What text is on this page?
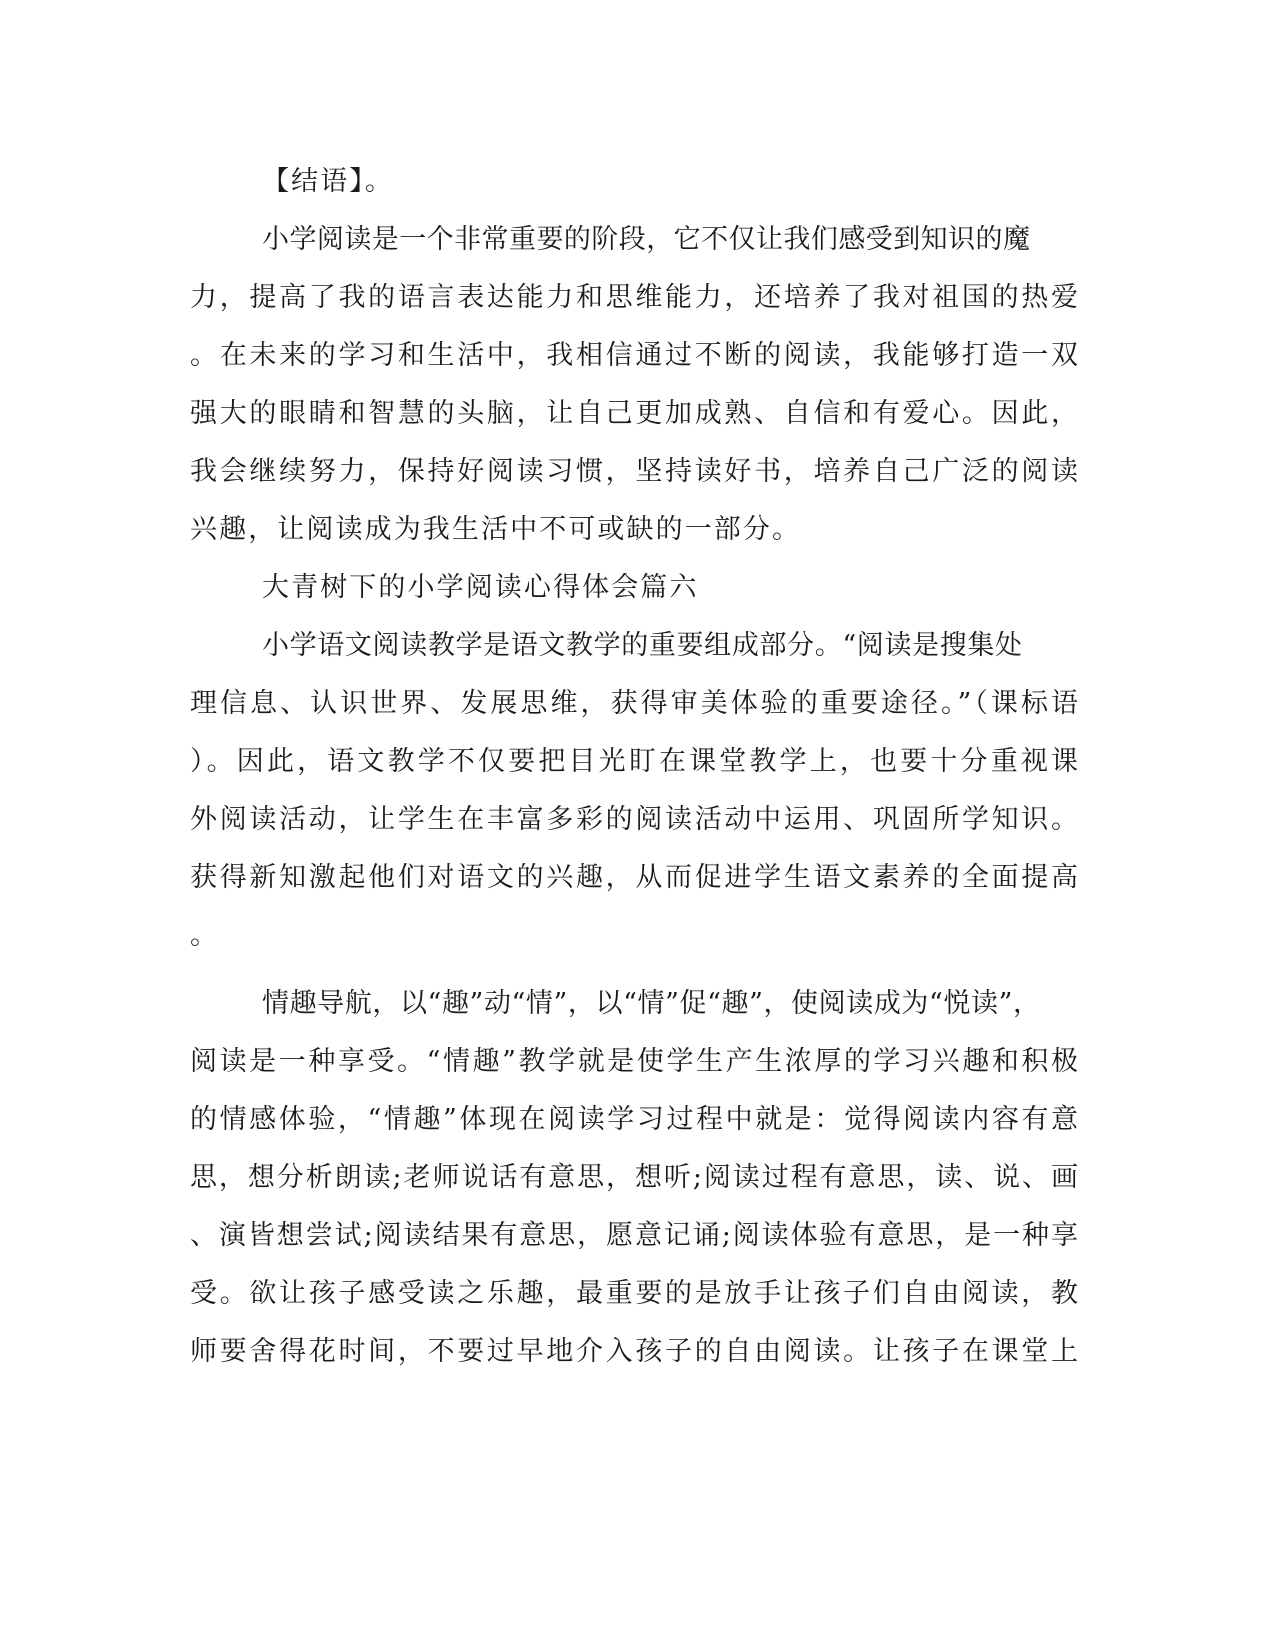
【结语】。
小学阅读是一个非常重要的阶段，它不仅让我们感受到知识的魔
力，提高了我的语言表达能力和思维能力，还培养了我对祖国的热爱
。在未来的学习和生活中，我相信通过不断的阅读，我能够打造一双
强大的眼睛和智慧的头脑，让自己更加成熟、自信和有爱心。因此，
我会继续努力，保持好阅读习惯，坚持读好书，培养自己广泛的阅读
兴趣，让阅读成为我生活中不可或缺的一部分。
大青树下的小学阅读心得体会篇六
小学语文阅读教学是语文教学的重要组成部分。“阅读是搜集处
理信息、认识世界、发展思维，获得审美体验的重要途径。”（课标语
）。因此，语文教学不仅要把目光盯在课堂教学上，也要十分重视课
外阅读活动，让学生在丰富多彩的阅读活动中运用、巩固所学知识。
获得新知激起他们对语文的兴趣，从而促进学生语文素养的全面提高
。
情趣导航，以“趣”动“情”，以“情”促“趣”，使阅读成为“悦读”，
阅读是一种享受。“情趣”教学就是使学生产生浓厚的学习兴趣和积极
的情感体验，“情趣”体现在阅读学习过程中就是：觉得阅读内容有意
思，想分析朗读;老师说话有意思，想听;阅读过程有意思，读、说、画
、演皆想尝试;阅读结果有意思，愿意记诵;阅读体验有意思，是一种享
受。欲让孩子感受读之乐趣，最重要的是放手让孩子们自由阅读，教
师要舍得花时间，不要过早地介入孩子的自由阅读。让孩子在课堂上
